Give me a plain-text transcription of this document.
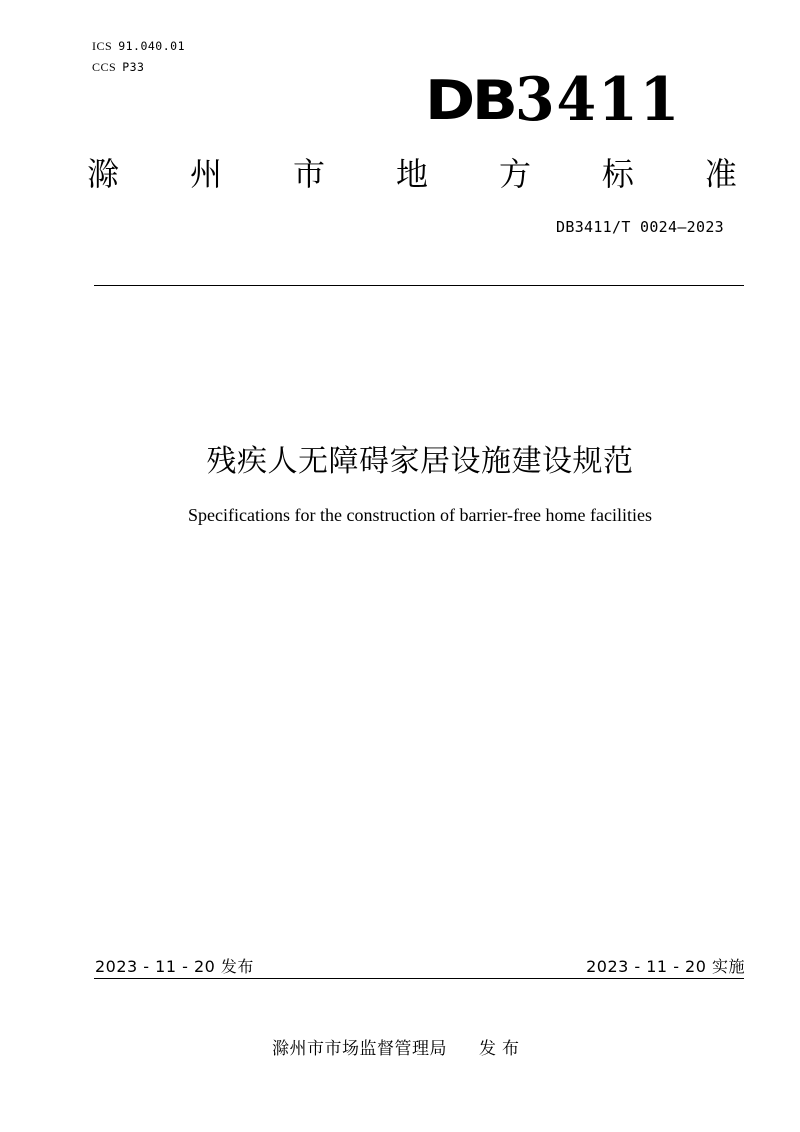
ICS 91.040.01
CCS P33
DB 3411
滁 州 市 地 方 标 准
DB3411/T 0024—2023
残疾人无障碍家居设施建设规范
Specifications for the construction of barrier-free home facilities
2023 - 11 - 20 发布	2023 - 11 - 20 实施
滁州市市场监督管理局 发布
